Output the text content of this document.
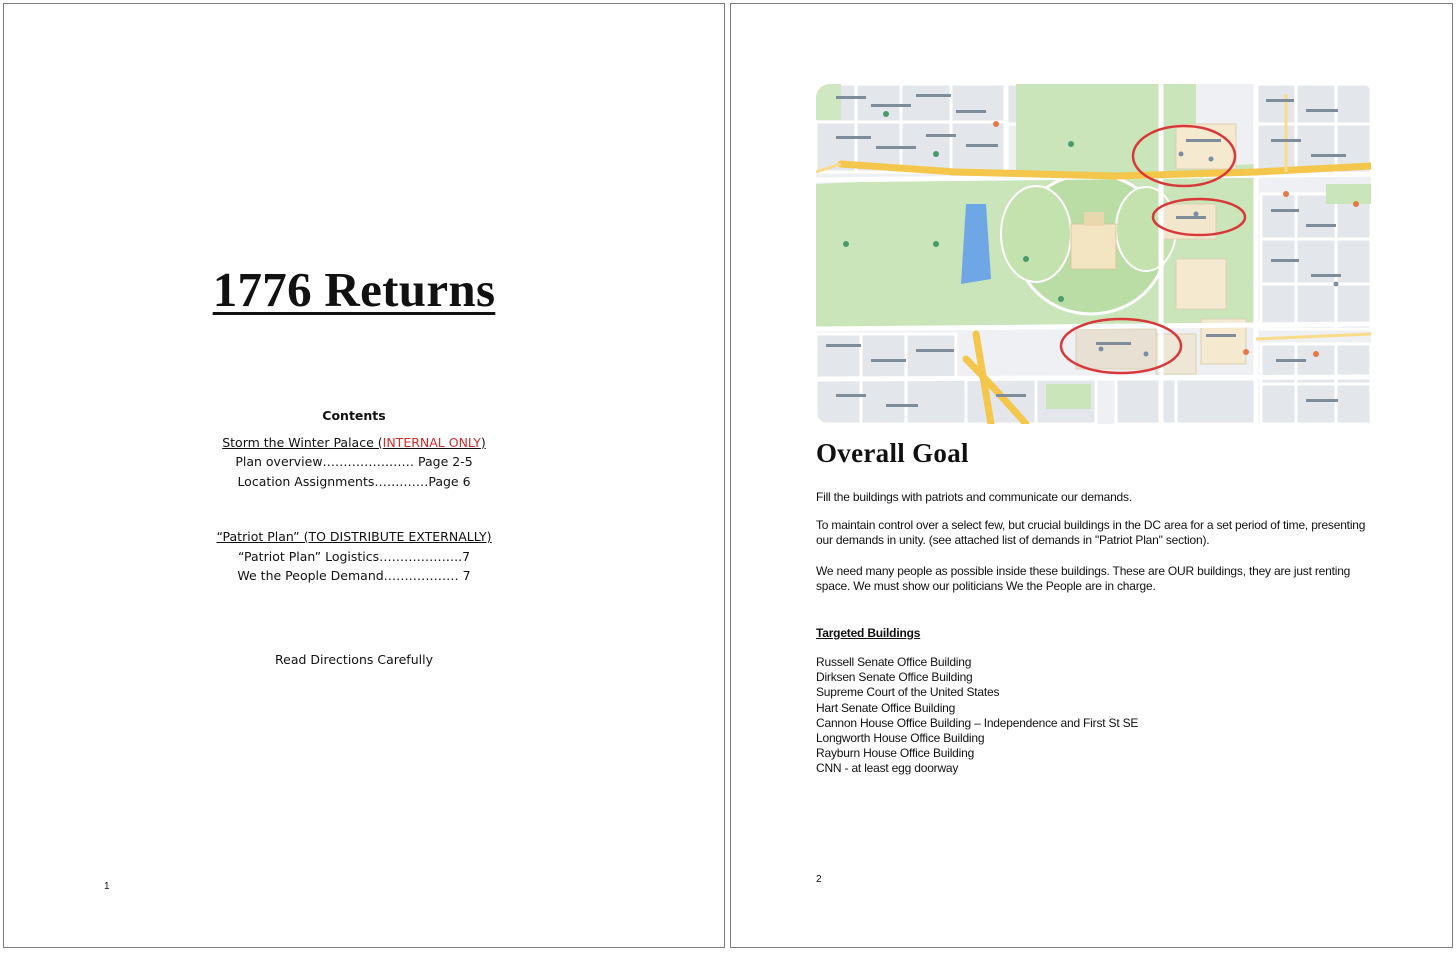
1776 Returns
Contents
Storm the Winter Palace (INTERNAL ONLY)
Plan overview…………….…… Page 2-5
Location Assignments…….……Page 6
“Patriot Plan” (TO DISTRIBUTE EXTERNALLY)
“Patriot Plan” Logistics………………..7
We the People Demand……………… 7
Read Directions Carefully
1
Overall Goal
Fill the buildings with patriots and communicate our demands.
To maintain control over a select few, but crucial buildings in the DC area for a set period of time, presenting our demands in unity. (see attached list of demands in "Patriot Plan" section).
We need many people as possible inside these buildings. These are OUR buildings, they are just renting space. We must show our politicians We the People are in charge.
Targeted Buildings
Russell Senate Office Building
Dirksen Senate Office Building
Supreme Court of the United States
Hart Senate Office Building
Cannon House Office Building – Independence and First St SE
Longworth House Office Building
Rayburn House Office Building
CNN - at least egg doorway
2
